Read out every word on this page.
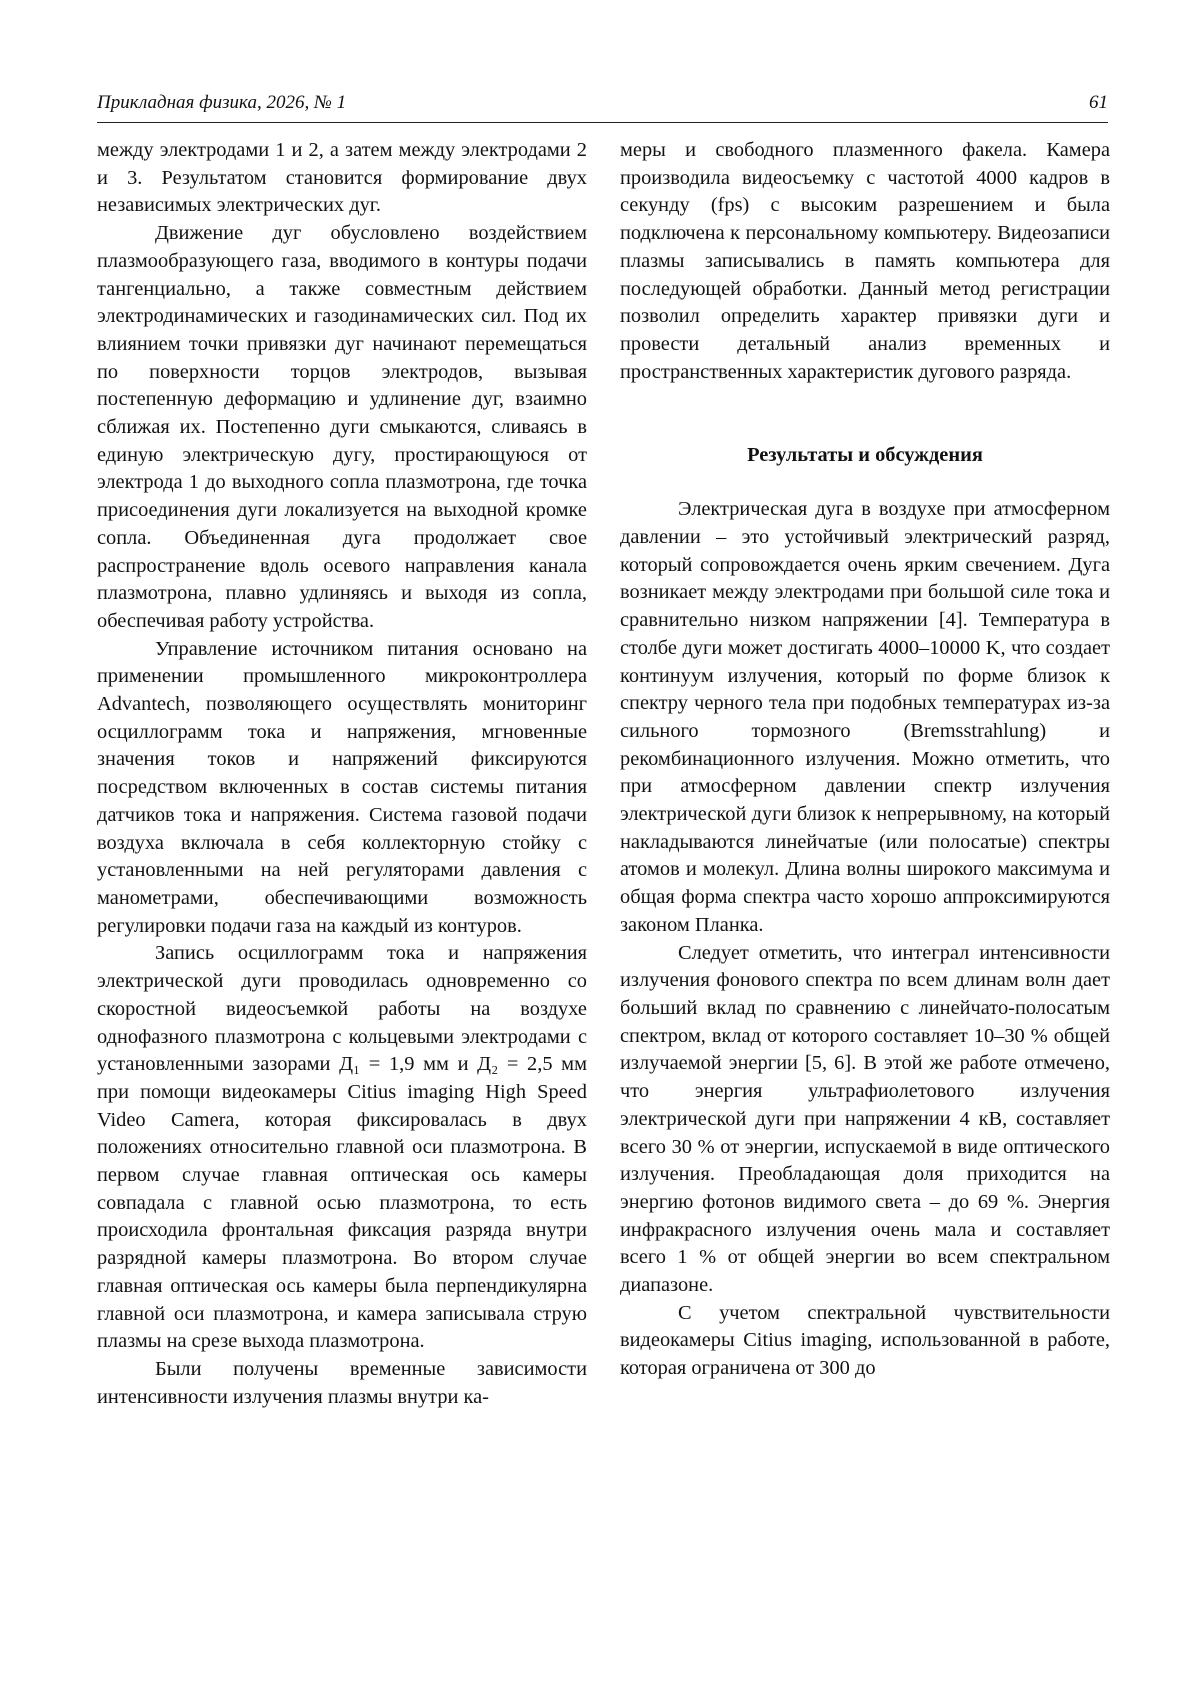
Прикладная физика, 2026, № 1	61

между электродами 1 и 2, а затем между электродами 2 и 3. Результатом становится формирование двух независимых электрических дуг.

Движение дуг обусловлено воздействием плазмообразующего газа, вводимого в контуры подачи тангенциально, а также совместным действием электродинамических и газодинамических сил. Под их влиянием точки привязки дуг начинают перемещаться по поверхности торцов электродов, вызывая постепенную деформацию и удлинение дуг, взаимно сближая их. Постепенно дуги смыкаются, сливаясь в единую электрическую дугу, простирающуюся от электрода 1 до выходного сопла плазмотрона, где точка присоединения дуги локализуется на выходной кромке сопла. Объединенная дуга продолжает свое распространение вдоль осевого направления канала плазмотрона, плавно удлиняясь и выходя из сопла, обеспечивая работу устройства.

Управление источником питания основано на применении промышленного микроконтроллера Advantech, позволяющего осуществлять мониторинг осциллограмм тока и напряжения, мгновенные значения токов и напряжений фиксируются посредством включенных в состав системы питания датчиков тока и напряжения. Система газовой подачи воздуха включала в себя коллекторную стойку с установленными на ней регуляторами давления с манометрами, обеспечивающими возможность регулировки подачи газа на каждый из контуров.

Запись осциллограмм тока и напряжения электрической дуги проводилась одновременно со скоростной видеосъемкой работы на воздухе однофазного плазмотрона с кольцевыми электродами с установленными зазорами Д₁ = 1,9 мм и Д₂ = 2,5 мм при помощи видеокамеры Citius imaging High Speed Video Camera, которая фиксировалась в двух положениях относительно главной оси плазмотрона. В первом случае главная оптическая ось камеры совпадала с главной осью плазмотрона, то есть происходила фронтальная фиксация разряда внутри разрядной камеры плазмотрона. Во втором случае главная оптическая ось камеры была перпендикулярна главной оси плазмотрона, и камера записывала струю плазмы на срезе выхода плазмотрона.

Были получены временные зависимости интенсивности излучения плазмы внутри ка-

меры и свободного плазменного факела. Камера производила видеосъемку с частотой 4000 кадров в секунду (fps) с высоким разрешением и была подключена к персональному компьютеру. Видеозаписи плазмы записывались в память компьютера для последующей обработки. Данный метод регистрации позволил определить характер привязки дуги и провести детальный анализ временных и пространственных характеристик дугового разряда.

Результаты и обсуждения

Электрическая дуга в воздухе при атмосферном давлении – это устойчивый электрический разряд, который сопровождается очень ярким свечением. Дуга возникает между электродами при большой силе тока и сравнительно низком напряжении [4]. Температура в столбе дуги может достигать 4000–10000 K, что создает континуум излучения, который по форме близок к спектру черного тела при подобных температурах из-за сильного тормозного (Bremsstrahlung) и рекомбинационного излучения. Можно отметить, что при атмосферном давлении спектр излучения электрической дуги близок к непрерывному, на который накладываются линейчатые (или полосатые) спектры атомов и молекул. Длина волны широкого максимума и общая форма спектра часто хорошо аппроксимируются законом Планка.

Следует отметить, что интеграл интенсивности излучения фонового спектра по всем длинам волн дает больший вклад по сравнению с линейчато-полосатым спектром, вклад от которого составляет 10–30 % общей излучаемой энергии [5, 6]. В этой же работе отмечено, что энергия ультрафиолетового излучения электрической дуги при напряжении 4 кВ, составляет всего 30 % от энергии, испускаемой в виде оптического излучения. Преобладающая доля приходится на энергию фотонов видимого света – до 69 %. Энергия инфракрасного излучения очень мала и составляет всего 1 % от общей энергии во всем спектральном диапазоне.

С учетом спектральной чувствительности видеокамеры Citius imaging, использованной в работе, которая ограничена от 300 до
